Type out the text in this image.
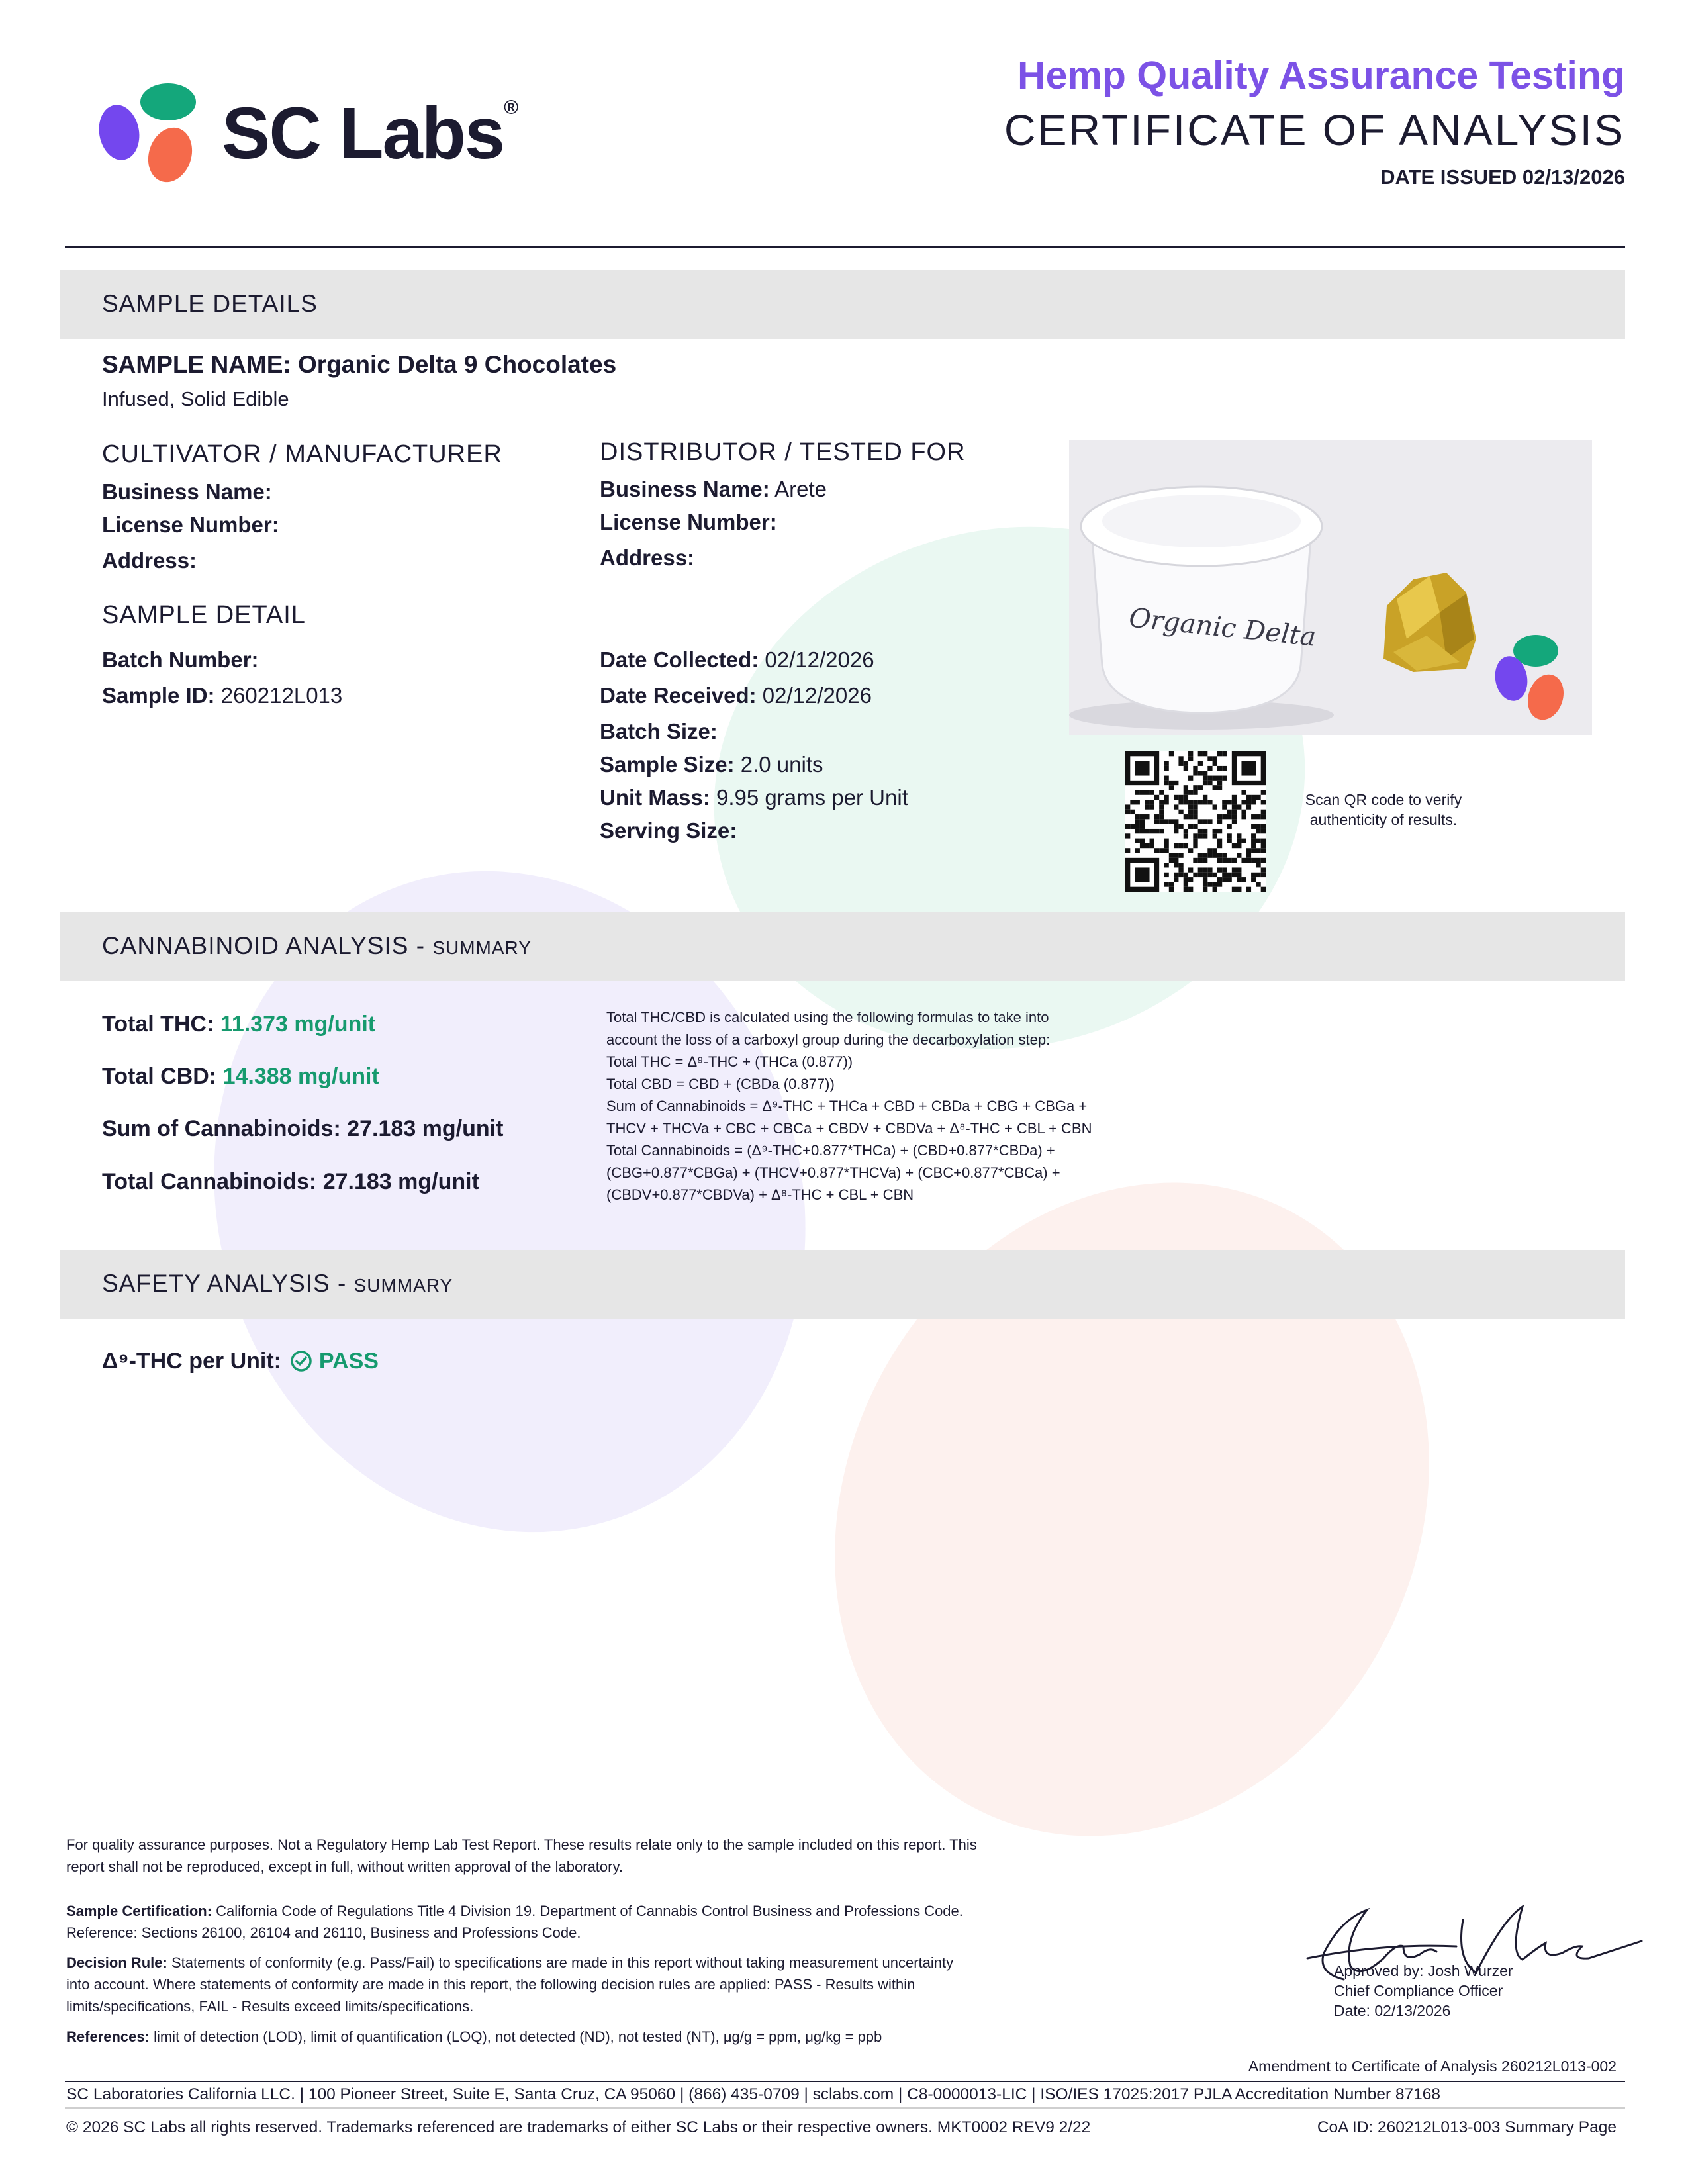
SC Labs®
Hemp Quality Assurance Testing
CERTIFICATE OF ANALYSIS
DATE ISSUED 02/13/2026
SAMPLE DETAILS
SAMPLE NAME: Organic Delta 9 Chocolates
Infused, Solid Edible
CULTIVATOR / MANUFACTURER
Business Name:
License Number:
Address:
DISTRIBUTOR / TESTED FOR
Business Name: Arete
License Number:
Address:
SAMPLE DETAIL
Batch Number:
Sample ID: 260212L013
Date Collected: 02/12/2026
Date Received: 02/12/2026
Batch Size:
Sample Size: 2.0 units
Unit Mass: 9.95 grams per Unit
Serving Size:
Organic Delta
Scan QR code to verify
authenticity of results.
CANNABINOID ANALYSIS - SUMMARY
Total THC: 11.373 mg/unit
Total CBD: 14.388 mg/unit
Sum of Cannabinoids: 27.183 mg/unit
Total Cannabinoids: 27.183 mg/unit
Total THC/CBD is calculated using the following formulas to take into
account the loss of a carboxyl group during the decarboxylation step:
Total THC = Δ⁹-THC + (THCa (0.877))
Total CBD = CBD + (CBDa (0.877))
Sum of Cannabinoids = Δ⁹-THC + THCa + CBD + CBDa + CBG + CBGa +
THCV + THCVa + CBC + CBCa + CBDV + CBDVa + Δ⁸-THC + CBL + CBN
Total Cannabinoids = (Δ⁹-THC+0.877*THCa) + (CBD+0.877*CBDa) +
(CBG+0.877*CBGa) + (THCV+0.877*THCVa) + (CBC+0.877*CBCa) +
(CBDV+0.877*CBDVa) + Δ⁸-THC + CBL + CBN
SAFETY ANALYSIS - SUMMARY
Δ⁹-THC per Unit: PASS
For quality assurance purposes. Not a Regulatory Hemp Lab Test Report. These results relate only to the sample included on this report. This report shall not be reproduced, except in full, without written approval of the laboratory.
Sample Certification: California Code of Regulations Title 4 Division 19. Department of Cannabis Control Business and Professions Code. Reference: Sections 26100, 26104 and 26110, Business and Professions Code.
Decision Rule: Statements of conformity (e.g. Pass/Fail) to specifications are made in this report without taking measurement uncertainty into account. Where statements of conformity are made in this report, the following decision rules are applied: PASS - Results within limits/specifications, FAIL - Results exceed limits/specifications.
References: limit of detection (LOD), limit of quantification (LOQ), not detected (ND), not tested (NT), μg/g = ppm, μg/kg = ppb
Approved by: Josh Wurzer
Chief Compliance Officer
Date: 02/13/2026
Amendment to Certificate of Analysis 260212L013-002
SC Laboratories California LLC. | 100 Pioneer Street, Suite E, Santa Cruz, CA 95060 | (866) 435-0709 | sclabs.com | C8-0000013-LIC | ISO/IES 17025:2017 PJLA Accreditation Number 87168
© 2026 SC Labs all rights reserved. Trademarks referenced are trademarks of either SC Labs or their respective owners. MKT0002 REV9 2/22	CoA ID: 260212L013-003 Summary Page
